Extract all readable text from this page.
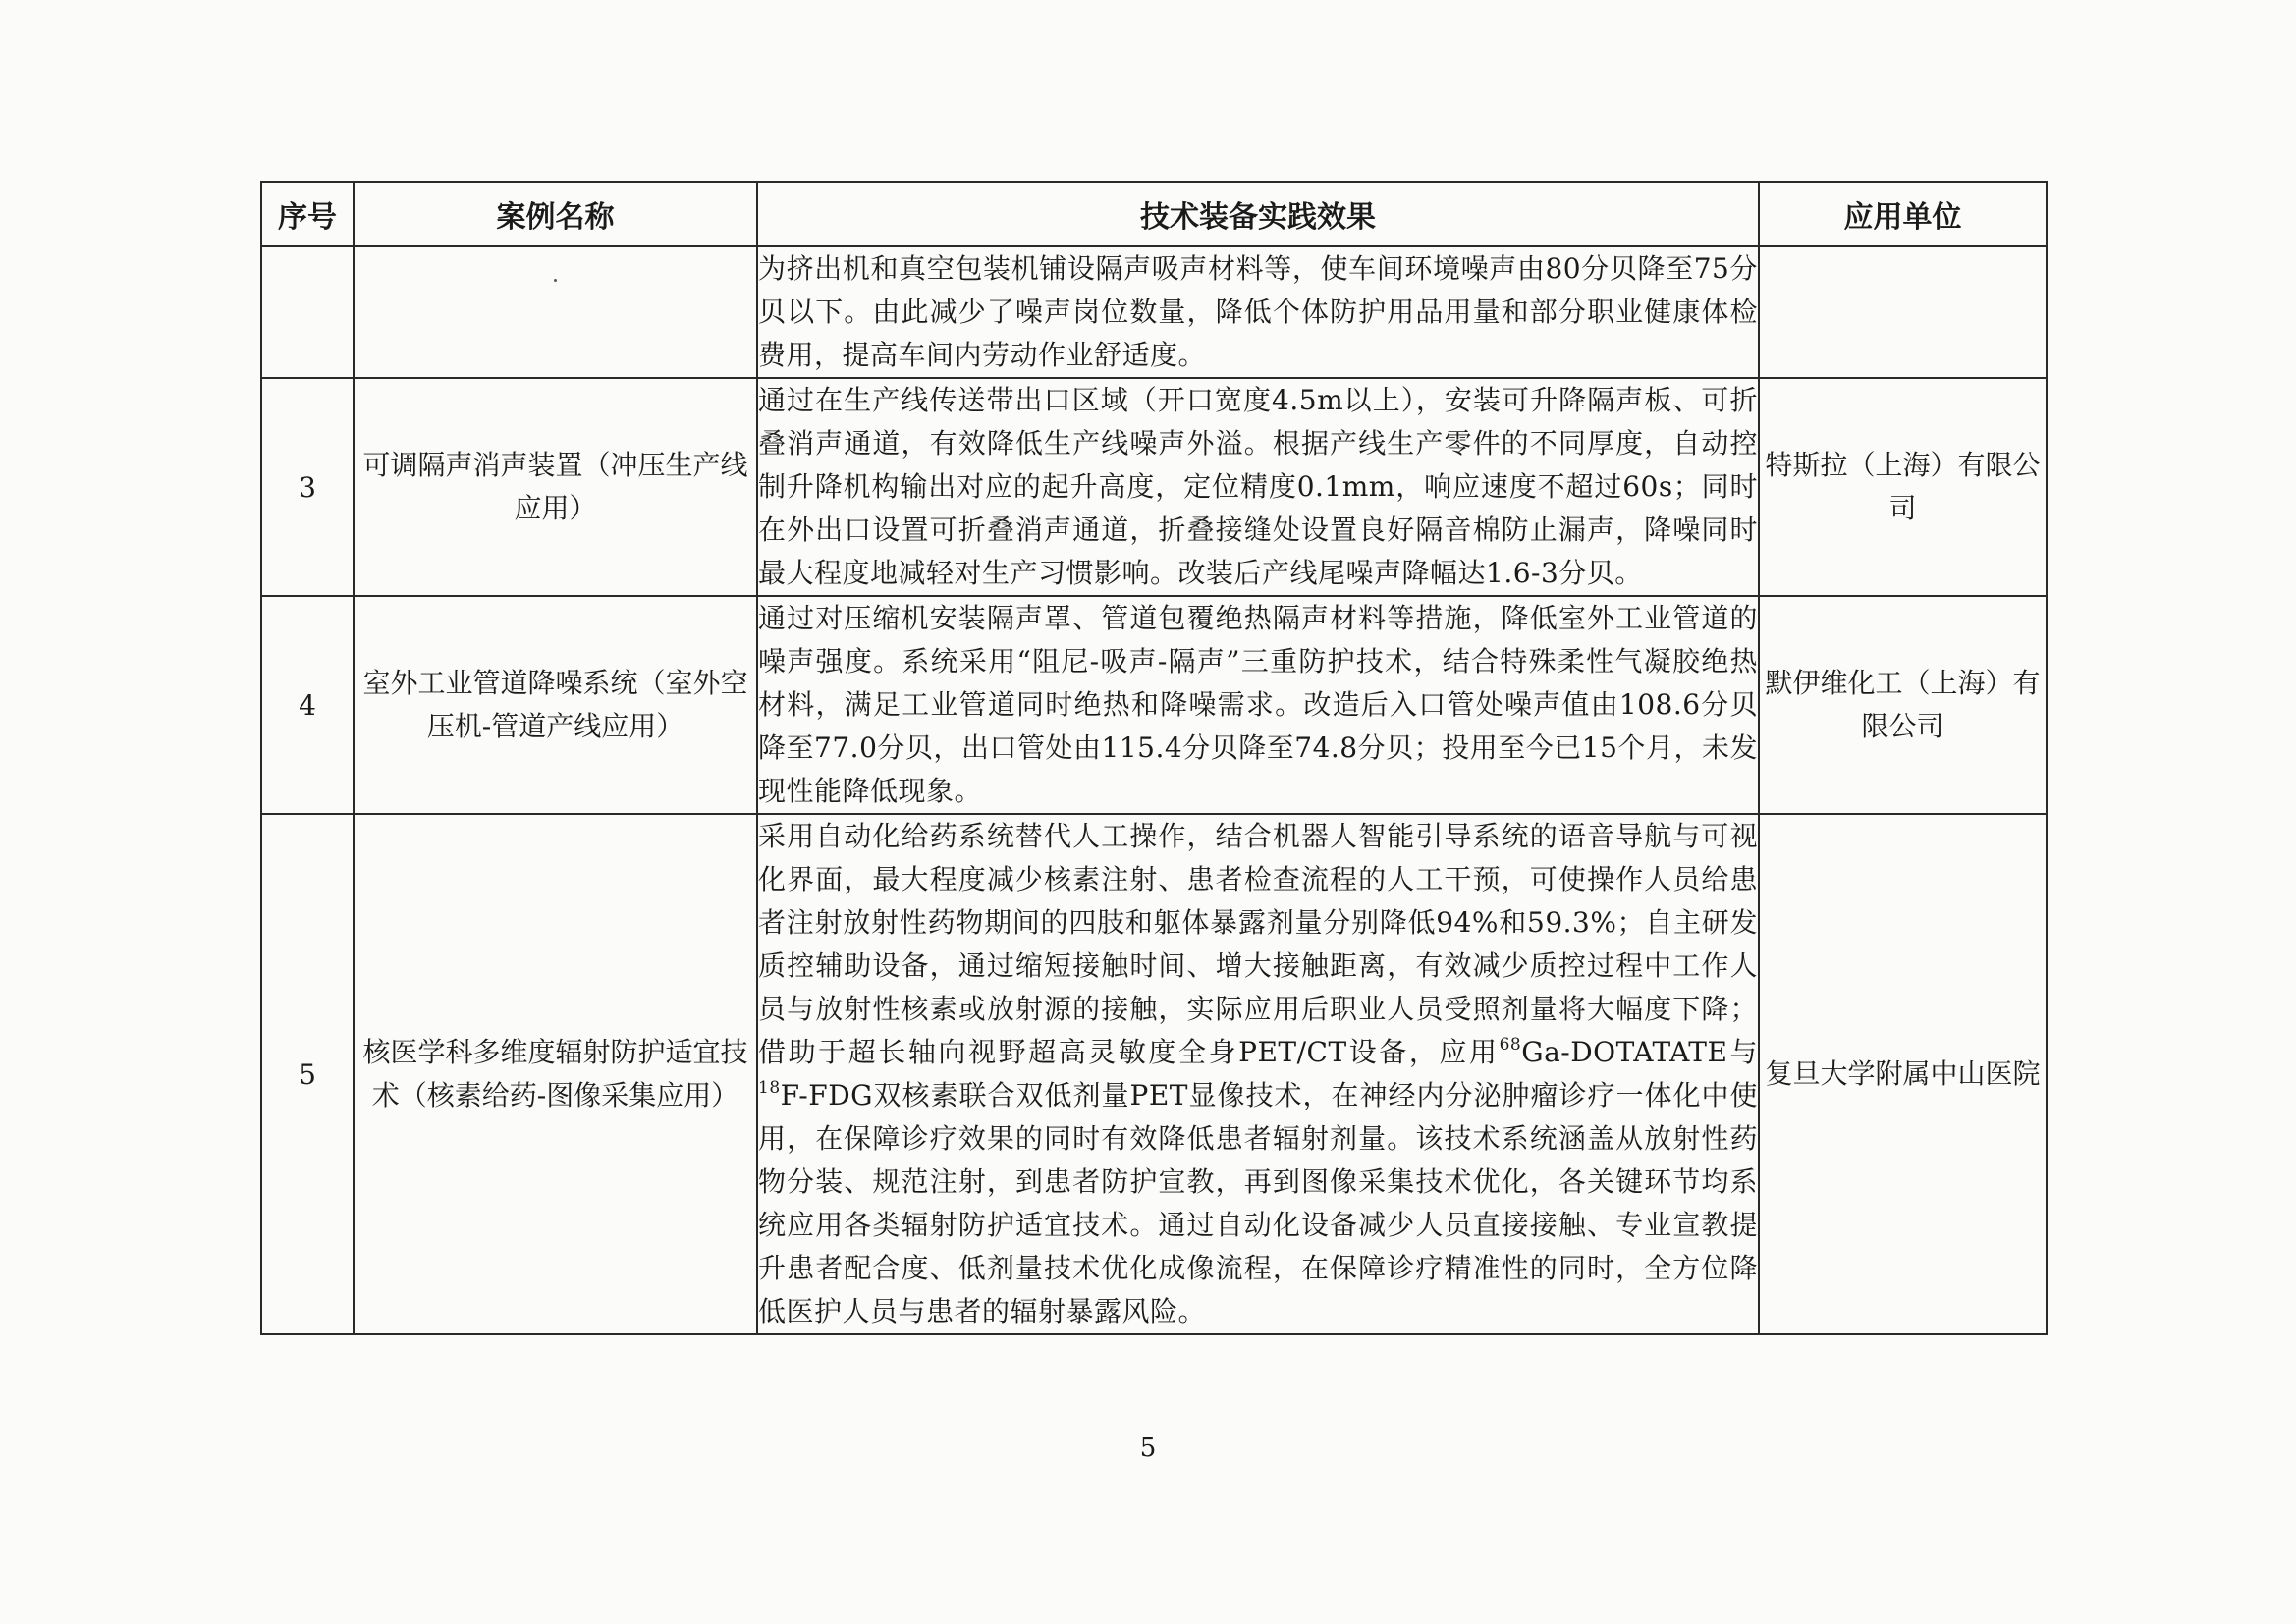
序号	案例名称	技术装备实践效果	应用单位
		为挤出机和真空包装机铺设隔声吸声材料等，使车间环境噪声由80分贝降至75分贝以下。由此减少了噪声岗位数量，降低个体防护用品用量和部分职业健康体检费用，提高车间内劳动作业舒适度。	
3	可调隔声消声装置（冲压生产线应用）	通过在生产线传送带出口区域（开口宽度4.5m以上），安装可升降隔声板、可折叠消声通道，有效降低生产线噪声外溢。根据产线生产零件的不同厚度，自动控制升降机构输出对应的起升高度，定位精度0.1mm，响应速度不超过60s；同时在外出口设置可折叠消声通道，折叠接缝处设置良好隔音棉防止漏声，降噪同时最大程度地减轻对生产习惯影响。改装后产线尾噪声降幅达1.6-3分贝。	特斯拉（上海）有限公司
4	室外工业管道降噪系统（室外空压机-管道产线应用）	通过对压缩机安装隔声罩、管道包覆绝热隔声材料等措施，降低室外工业管道的噪声强度。系统采用“阻尼-吸声-隔声”三重防护技术，结合特殊柔性气凝胶绝热材料，满足工业管道同时绝热和降噪需求。改造后入口管处噪声值由108.6分贝降至77.0分贝，出口管处由115.4分贝降至74.8分贝；投用至今已15个月，未发现性能降低现象。	默伊维化工（上海）有限公司
5	核医学科多维度辐射防护适宜技术（核素给药-图像采集应用）	采用自动化给药系统替代人工操作，结合机器人智能引导系统的语音导航与可视化界面，最大程度减少核素注射、患者检查流程的人工干预，可使操作人员给患者注射放射性药物期间的四肢和躯体暴露剂量分别降低94%和59.3%；自主研发质控辅助设备，通过缩短接触时间、增大接触距离，有效减少质控过程中工作人员与放射性核素或放射源的接触，实际应用后职业人员受照剂量将大幅度下降；借助于超长轴向视野超高灵敏度全身PET/CT设备，应用$^{68}$Ga-DOTATATE与$^{18}$F-FDG双核素联合双低剂量PET显像技术，在神经内分泌肿瘤诊疗一体化中使用，在保障诊疗效果的同时有效降低患者辐射剂量。该技术系统涵盖从放射性药物分装、规范注射，到患者防护宣教，再到图像采集技术优化，各关键环节均系统应用各类辐射防护适宜技术。通过自动化设备减少人员直接接触、专业宣教提升患者配合度、低剂量技术优化成像流程，在保障诊疗精准性的同时，全方位降低医护人员与患者的辐射暴露风险。	复旦大学附属中山医院
5
